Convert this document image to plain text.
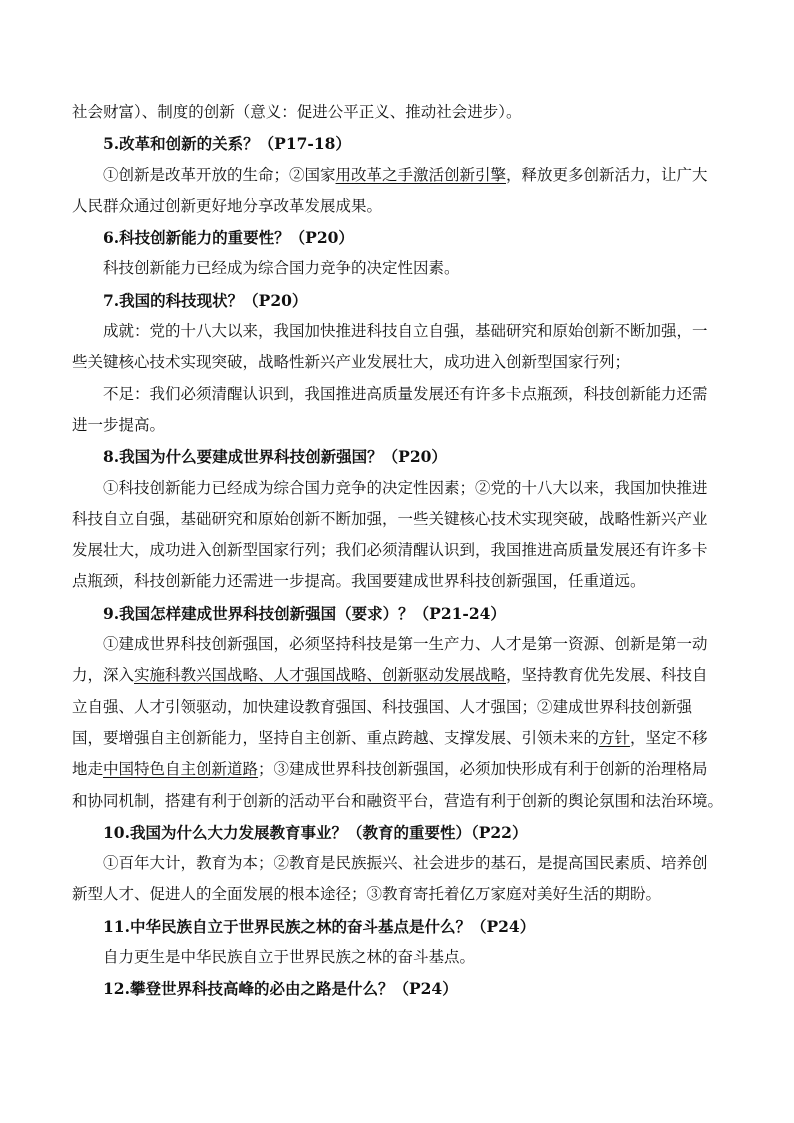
社会财富）、制度的创新（意义：促进公平正义、推动社会进步）。
5.改革和创新的关系？（P17-18）
①创新是改革开放的生命；②国家用改革之手激活创新引擎，释放更多创新活力，让广大
人民群众通过创新更好地分享改革发展成果。
6.科技创新能力的重要性？（P20）
科技创新能力已经成为综合国力竞争的决定性因素。
7.我国的科技现状？（P20）
成就：党的十八大以来，我国加快推进科技自立自强，基础研究和原始创新不断加强，一
些关键核心技术实现突破，战略性新兴产业发展壮大，成功进入创新型国家行列；
不足：我们必须清醒认识到，我国推进高质量发展还有许多卡点瓶颈，科技创新能力还需
进一步提高。
8.我国为什么要建成世界科技创新强国？（P20）
①科技创新能力已经成为综合国力竞争的决定性因素；②党的十八大以来，我国加快推进
科技自立自强，基础研究和原始创新不断加强，一些关键核心技术实现突破，战略性新兴产业
发展壮大，成功进入创新型国家行列；我们必须清醒认识到，我国推进高质量发展还有许多卡
点瓶颈，科技创新能力还需进一步提高。我国要建成世界科技创新强国，任重道远。
9.我国怎样建成世界科技创新强国（要求）？（P21-24）
①建成世界科技创新强国，必须坚持科技是第一生产力、人才是第一资源、创新是第一动
力，深入实施科教兴国战略、人才强国战略、创新驱动发展战略，坚持教育优先发展、科技自
立自强、人才引领驱动，加快建设教育强国、科技强国、人才强国；②建成世界科技创新强
国，要增强自主创新能力，坚持自主创新、重点跨越、支撑发展、引领未来的方针，坚定不移
地走中国特色自主创新道路；③建成世界科技创新强国，必须加快形成有利于创新的治理格局
和协同机制，搭建有利于创新的活动平台和融资平台，营造有利于创新的舆论氛围和法治环境。
10.我国为什么大力发展教育事业？（教育的重要性）（P22）
①百年大计，教育为本；②教育是民族振兴、社会进步的基石，是提高国民素质、培养创
新型人才、促进人的全面发展的根本途径；③教育寄托着亿万家庭对美好生活的期盼。
11.中华民族自立于世界民族之林的奋斗基点是什么？（P24）
自力更生是中华民族自立于世界民族之林的奋斗基点。
12.攀登世界科技高峰的必由之路是什么？（P24）
